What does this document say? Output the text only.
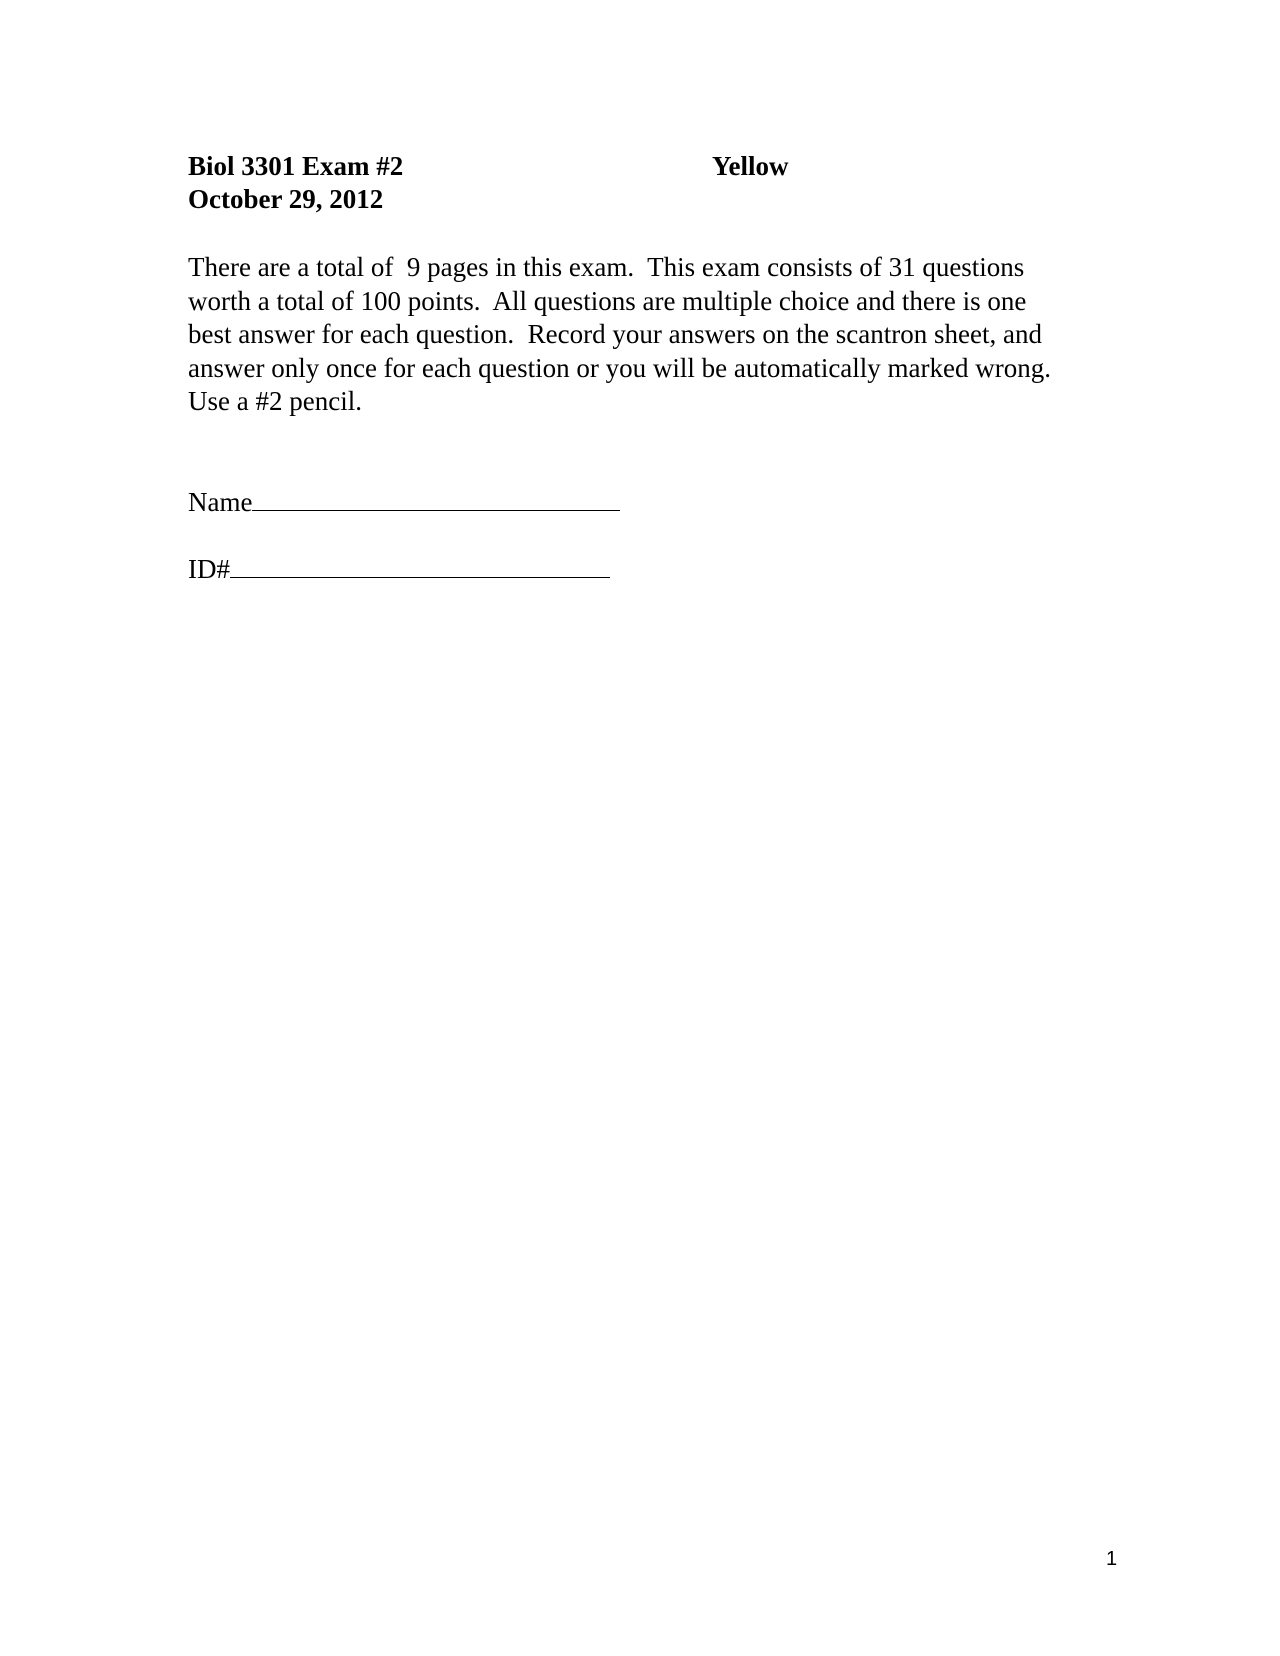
Biol 3301 Exam #2	Yellow
October 29, 2012

There are a total of  9 pages in this exam.  This exam consists of 31 questions
worth a total of 100 points.  All questions are multiple choice and there is one
best answer for each question.  Record your answers on the scantron sheet, and
answer only once for each question or you will be automatically marked wrong.
Use a #2 pencil.

Name

ID#

1
